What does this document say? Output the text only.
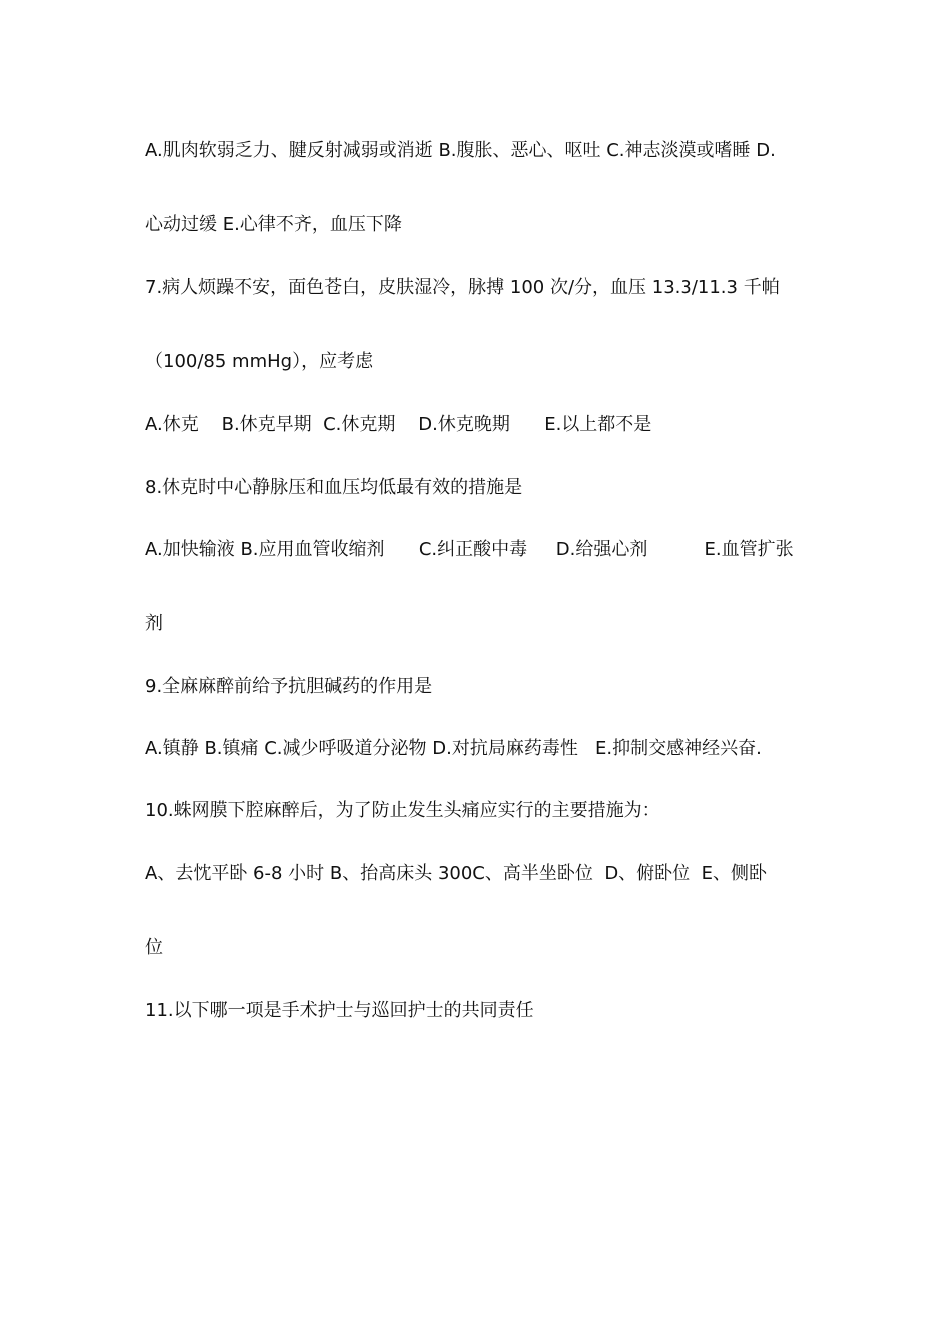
A.肌肉软弱乏力、腱反射减弱或消逝 B.腹胀、恶心、呕吐 C.神志淡漠或嗜睡 D.
心动过缓 E.心律不齐，血压下降
7.病人烦躁不安，面色苍白，皮肤湿冷，脉搏 100 次/分，血压 13.3/11.3 千帕
（100/85 mmHg），应考虑
A.休克    B.休克早期  C.休克期    D.休克晚期      E.以上都不是
8.休克时中心静脉压和血压均低最有效的措施是
A.加快输液 B.应用血管收缩剂      C.纠正酸中毒     D.给强心剂          E.血管扩张
剂
9.全麻麻醉前给予抗胆碱药的作用是
A.镇静 B.镇痛 C.减少呼吸道分泌物 D.对抗局麻药毒性   E.抑制交感神经兴奋.
10.蛛网膜下腔麻醉后，为了防止发生头痛应实行的主要措施为：
A、去忱平卧 6-8 小时 B、抬高床头 300C、高半坐卧位  D、俯卧位  E、侧卧
位
11.以下哪一项是手术护士与巡回护士的共同责任
